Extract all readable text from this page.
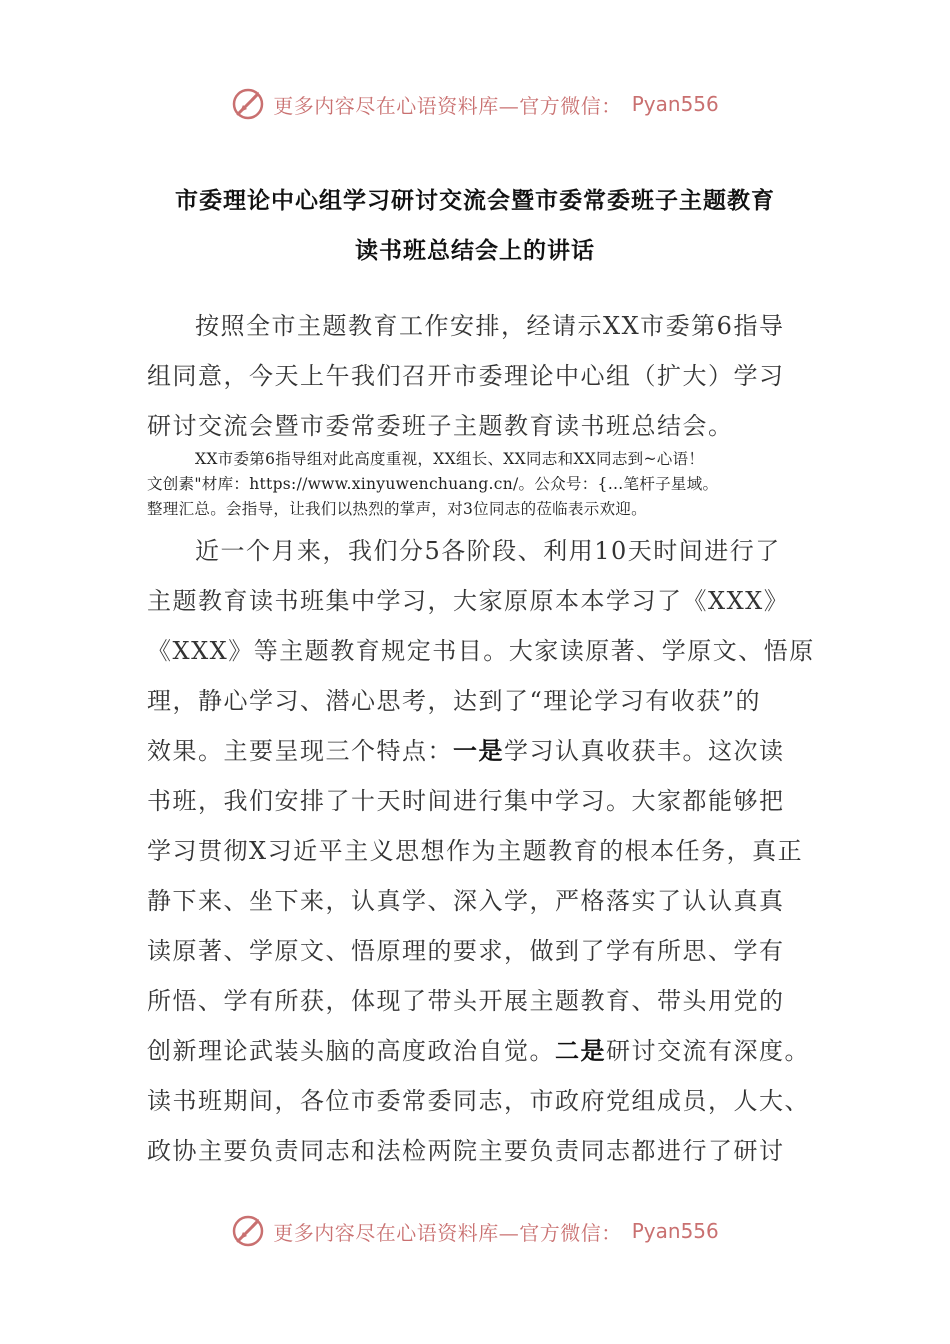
更多内容尽在心语资料库—官方微信： Pyan556
市委理论中心组学习研讨交流会暨市委常委班子主题教育
读书班总结会上的讲话
按照全市主题教育工作安排，经请示XX市委第6指导
组同意，今天上午我们召开市委理论中心组（扩大）学习
研讨交流会暨市委常委班子主题教育读书班总结会。
XX市委第6指导组对此高度重视，XX组长、XX同志和XX同志到~心语！
文创素"材库：https://www.xinyuwenchuang.cn/。公众号：{…笔杆子星域。
整理汇总。会指导，让我们以热烈的掌声，对3位同志的莅临表示欢迎。
近一个月来，我们分5各阶段、利用10天时间进行了
主题教育读书班集中学习，大家原原本本学习了《XXX》
《XXX》等主题教育规定书目。大家读原著、学原文、悟原
理，静心学习、潜心思考，达到了“理论学习有收获”的
效果。主要呈现三个特点：一是学习认真收获丰。这次读
书班，我们安排了十天时间进行集中学习。大家都能够把
学习贯彻X习近平主义思想作为主题教育的根本任务，真正
静下来、坐下来，认真学、深入学，严格落实了认认真真
读原著、学原文、悟原理的要求，做到了学有所思、学有
所悟、学有所获，体现了带头开展主题教育、带头用党的
创新理论武装头脑的高度政治自觉。二是研讨交流有深度。
读书班期间，各位市委常委同志，市政府党组成员，人大、
政协主要负责同志和法检两院主要负责同志都进行了研讨
更多内容尽在心语资料库—官方微信： Pyan556
